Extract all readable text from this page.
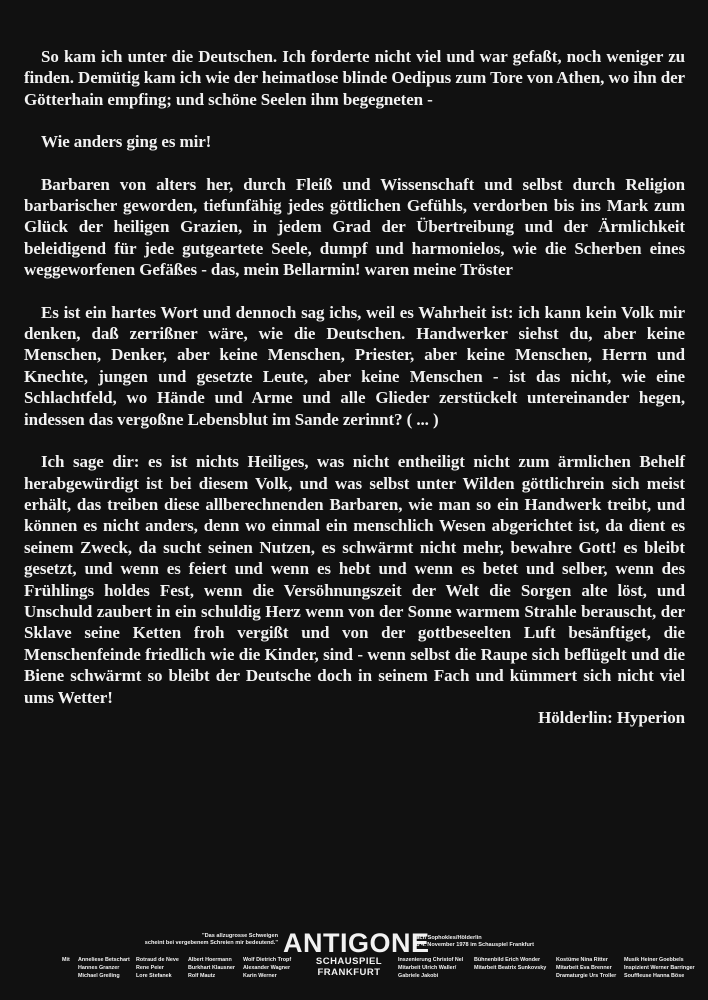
So kam ich unter die Deutschen. Ich forderte nicht viel und war gefaßt, noch weniger zu finden. Demütig kam ich wie der heimatlose blinde Oedipus zum Tore von Athen, wo ihn der Götterhain empfing; und schöne Seelen ihm begegneten -

Wie anders ging es mir!

Barbaren von alters her, durch Fleiß und Wissenschaft und selbst durch Religion barbarischer geworden, tiefunfähig jedes göttlichen Gefühls, verdorben bis ins Mark zum Glück der heiligen Grazien, in jedem Grad der Übertreibung und der Ärmlichkeit beleidigend für jede gutgeartete Seele, dumpf und harmonielos, wie die Scherben eines weggeworfenen Gefäßes - das, mein Bellarmin! waren meine Tröster

Es ist ein hartes Wort und dennoch sag ichs, weil es Wahrheit ist: ich kann kein Volk mir denken, daß zerrißner wäre, wie die Deutschen. Handwerker siehst du, aber keine Menschen, Denker, aber keine Menschen, Priester, aber keine Menschen, Herrn und Knechte, jungen und gesetzte Leute, aber keine Menschen - ist das nicht, wie eine Schlachtfeld, wo Hände und Arme und alle Glieder zerstückelt untereinander hegen, indessen das vergoßne Lebensblut im Sande zerinnt? ( ... )

Ich sage dir: es ist nichts Heiliges, was nicht entheiligt nicht zum ärmlichen Behelf herabgewürdigt ist bei diesem Volk, und was selbst unter Wilden göttlichrein sich meist erhält, das treiben diese allberechnenden Barbaren, wie man so ein Handwerk treibt, und können es nicht anders, denn wo einmal ein menschlich Wesen abgerichtet ist, da dient es seinem Zweck, da sucht seinen Nutzen, es schwärmt nicht mehr, bewahre Gott! es bleibt gesetzt, und wenn es feiert und wenn es hebt und wenn es betet und selber, wenn des Frühlings holdes Fest, wenn die Versöhnungszeit der Welt die Sorgen alte löst, und Unschuld zaubert in ein schuldig Herz wenn von der Sonne warmem Strahle berauscht, der Sklave seine Ketten froh vergißt und von der gottbeseelten Luft besänftiget, die Menschenfeinde friedlich wie die Kinder, sind - wenn selbst die Raupe sich beflügelt und die Biene schwärmt so bleibt der Deutsche doch in seinem Fach und kümmert sich nicht viel ums Wetter!

Hölderlin: Hyperion
"Das allzugrosse Schweigen
scheint bei vergebenem Schreien mir bedeutend." ANTIGONE
nach Sophokles/Hölderlin
ab 4. November 1978 im Schauspiel Frankfurt
Mit Anneliese Betschart
Hannes Granzer
Michael Greiling
Rotraud de Neve
Rene Peier
Lore Stefanek
Albert Hoermann
Burkhart Klausner
Rolf Mautz
Wolf Dietrich Tropf
Alexander Wagner
Karin Werner
SCHAUSPIEL
FRANKFURT
Inszenierung Christof Nel
Mitarbeit Ulrich Waller/
Gabriele Jakobi
Bühnenbild Erich Wonder
Mitarbeit Beatrix Sunkovsky
Kostüme Nina Ritter
Mitarbeit Eva Brenner
Dramaturgie Urs Troller
Musik Heiner Goebbels
Inspizient Werner Barringer
Souffleuse Hanna Böse
